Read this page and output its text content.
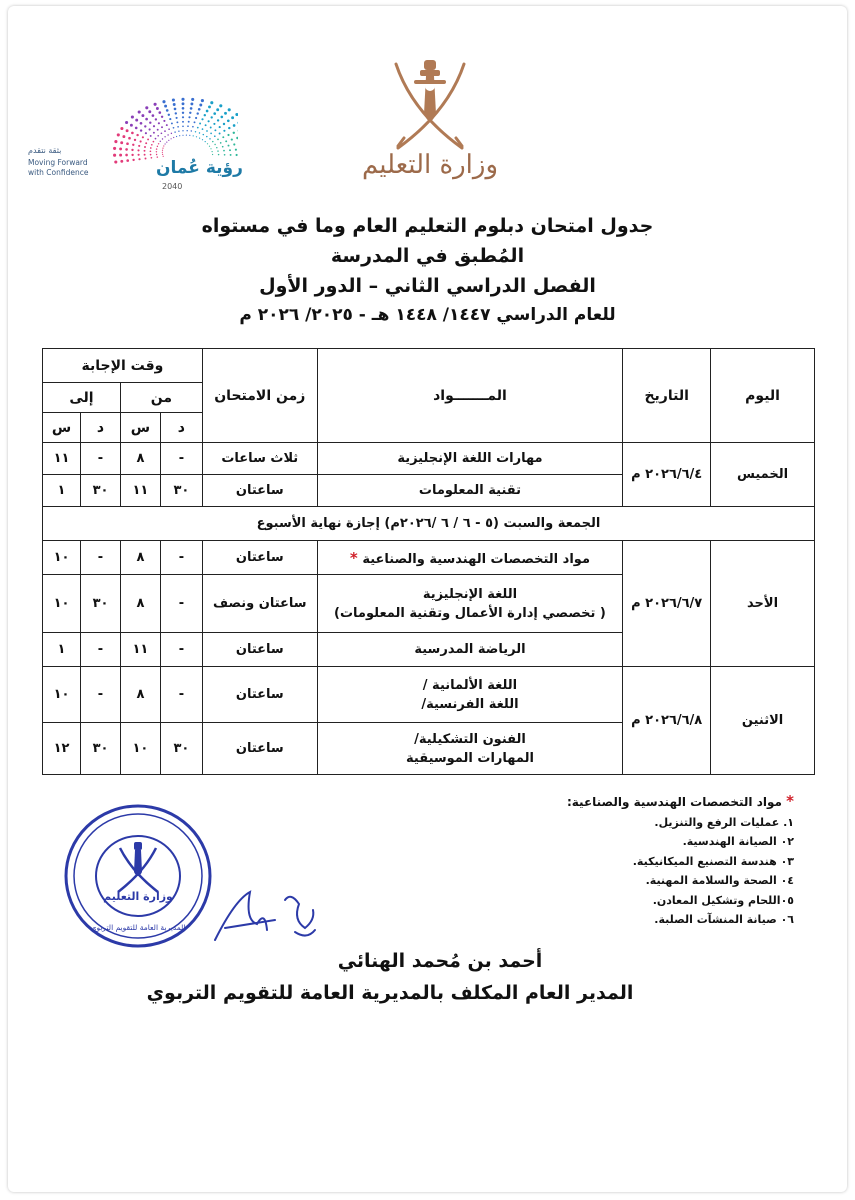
وزارة التعليم
بثقة نتقدم
Moving Forward
with Confidence	رؤية عُمان
2040
جدول امتحان دبلوم التعليم العام وما في مستواه
المُطبق في المدرسة
الفصل الدراسي الثاني – الدور الأول
للعام الدراسي ١٤٤٧/ ١٤٤٨ هـ - ٢٠٢٥/ ٢٠٢٦ م
اليوم	التاريخ	المـــــــواد	زمن الامتحان	وقت الإجابة			
				من		إلى	
				د	س	د	س
الخميس	٢٠٢٦/٦/٤ م	مهارات اللغة الإنجليزية	ثلاث ساعات	-	٨	-	١١
		تقنية المعلومات	ساعتان	٣٠	١١	٣٠	١
الجمعة والسبت (٥ - ٦ / ٦ /٢٠٢٦م) إجازة نهاية الأسبوع							
الأحد	٢٠٢٦/٦/٧ م	مواد التخصصات الهندسية والصناعية *	ساعتان	-	٨	-	١٠

		اللغة الإنجليزية
( تخصصي إدارة الأعمال وتقنية المعلومات)	ساعتان ونصف	-	٨	٣٠	١٠
		الرياضة المدرسية	ساعتان	-	١١	-	١
الاثنين	٢٠٢٦/٦/٨ م	اللغة الألمانية /
اللغة الفرنسية/	ساعتان	-	٨	-	١٠

		الفنون التشكيلية/
المهارات الموسيقية	ساعتان	٣٠	١٠	٣٠	١٢
* مواد التخصصات الهندسية والصناعية:
١. عمليات الرفع والتنزيل.
٠٢ الصيانة الهندسية.
٠٣ هندسة التصنيع الميكانيكية.
٠٤ الصحة والسلامة المهنية.
٠٥اللحام وتشكيل المعادن.
٠٦ صيانة المنشآت الصلبة.
وزارة التعليم
المديرية العامة للتقويم التربوي
أحمد بن مُحمد الهنائي
المدير العام المكلف بالمديرية العامة للتقويم التربوي
